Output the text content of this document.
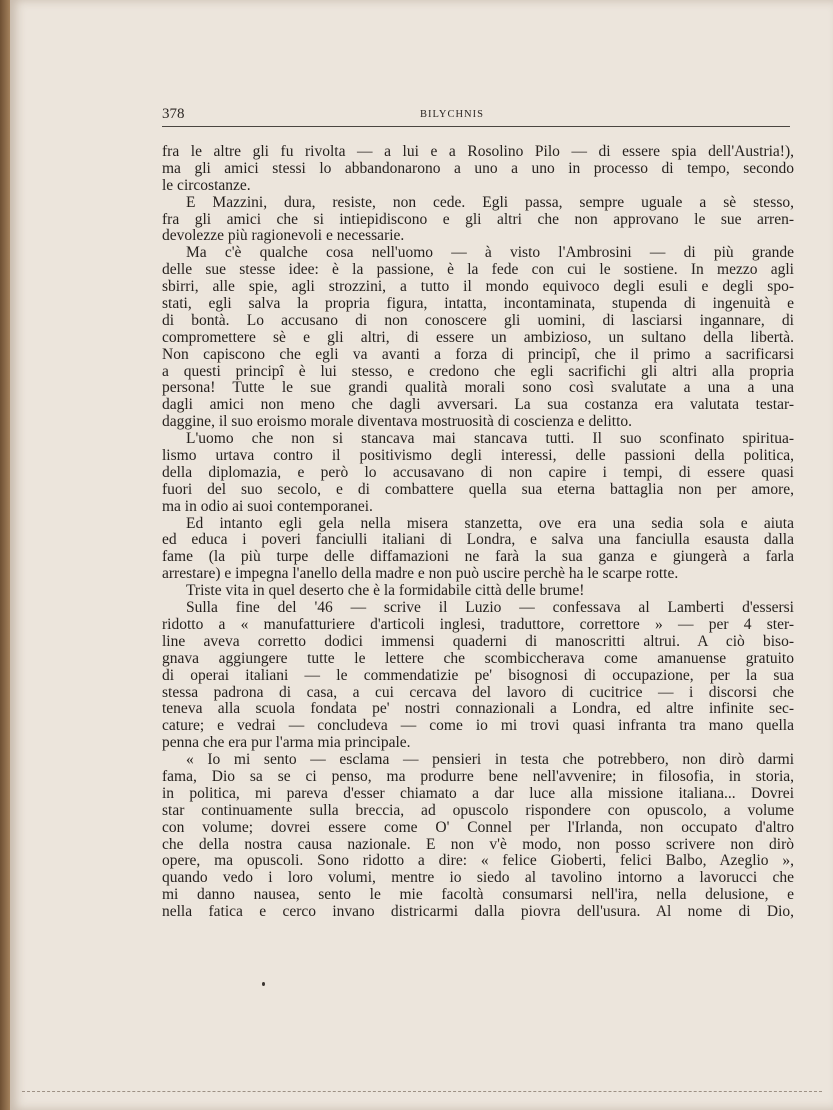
378	BILYCHNIS
fra le altre gli fu rivolta — a lui e a Rosolino Pilo — di essere spia dell'Austria!),
ma gli amici stessi lo abbandonarono a uno a uno in processo di tempo, secondo
le circostanze.
E Mazzini, dura, resiste, non cede. Egli passa, sempre uguale a sè stesso,
fra gli amici che si intiepidiscono e gli altri che non approvano le sue arren-
devolezze più ragionevoli e necessarie.
Ma c'è qualche cosa nell'uomo — à visto l'Ambrosini — di più grande
delle sue stesse idee: è la passione, è la fede con cui le sostiene. In mezzo agli
sbirri, alle spie, agli strozzini, a tutto il mondo equivoco degli esuli e degli spo-
stati, egli salva la propria figura, intatta, incontaminata, stupenda di ingenuità e
di bontà. Lo accusano di non conoscere gli uomini, di lasciarsi ingannare, di
compromettere sè e gli altri, di essere un ambizioso, un sultano della libertà.
Non capiscono che egli va avanti a forza di principî, che il primo a sacrificarsi
a questi principî è lui stesso, e credono che egli sacrifichi gli altri alla propria
persona! Tutte le sue grandi qualità morali sono così svalutate a una a una
dagli amici non meno che dagli avversari. La sua costanza era valutata testar-
daggine, il suo eroismo morale diventava mostruosità di coscienza e delitto.
L'uomo che non si stancava mai stancava tutti. Il suo sconfinato spiritua-
lismo urtava contro il positivismo degli interessi, delle passioni della politica,
della diplomazia, e però lo accusavano di non capire i tempi, di essere quasi
fuori del suo secolo, e di combattere quella sua eterna battaglia non per amore,
ma in odio ai suoi contemporanei.
Ed intanto egli gela nella misera stanzetta, ove era una sedia sola e aiuta
ed educa i poveri fanciulli italiani di Londra, e salva una fanciulla esausta dalla
fame (la più turpe delle diffamazioni ne farà la sua ganza e giungerà a farla
arrestare) e impegna l'anello della madre e non può uscire perchè ha le scarpe rotte.
Triste vita in quel deserto che è la formidabile città delle brume!
Sulla fine del '46 — scrive il Luzio — confessava al Lamberti d'essersi
ridotto a « manufatturiere d'articoli inglesi, traduttore, correttore » — per 4 ster-
line aveva corretto dodici immensi quaderni di manoscritti altrui. A ciò biso-
gnava aggiungere tutte le lettere che scombiccherava come amanuense gratuito
di operai italiani — le commendatizie pe' bisognosi di occupazione, per la sua
stessa padrona di casa, a cui cercava del lavoro di cucitrice — i discorsi che
teneva alla scuola fondata pe' nostri connazionali a Londra, ed altre infinite sec-
cature; e vedrai — concludeva — come io mi trovi quasi infranta tra mano quella
penna che era pur l'arma mia principale.
« Io mi sento — esclama — pensieri in testa che potrebbero, non dirò darmi
fama, Dio sa se ci penso, ma produrre bene nell'avvenire; in filosofia, in storia,
in politica, mi pareva d'esser chiamato a dar luce alla missione italiana... Dovrei
star continuamente sulla breccia, ad opuscolo rispondere con opuscolo, a volume
con volume; dovrei essere come O' Connel per l'Irlanda, non occupato d'altro
che della nostra causa nazionale. E non v'è modo, non posso scrivere non dirò
opere, ma opuscoli. Sono ridotto a dire: « felice Gioberti, felici Balbo, Azeglio »,
quando vedo i loro volumi, mentre io siedo al tavolino intorno a lavorucci che
mi danno nausea, sento le mie facoltà consumarsi nell'ira, nella delusione, e
nella fatica e cerco invano districarmi dalla piovra dell'usura. Al nome di Dio,
